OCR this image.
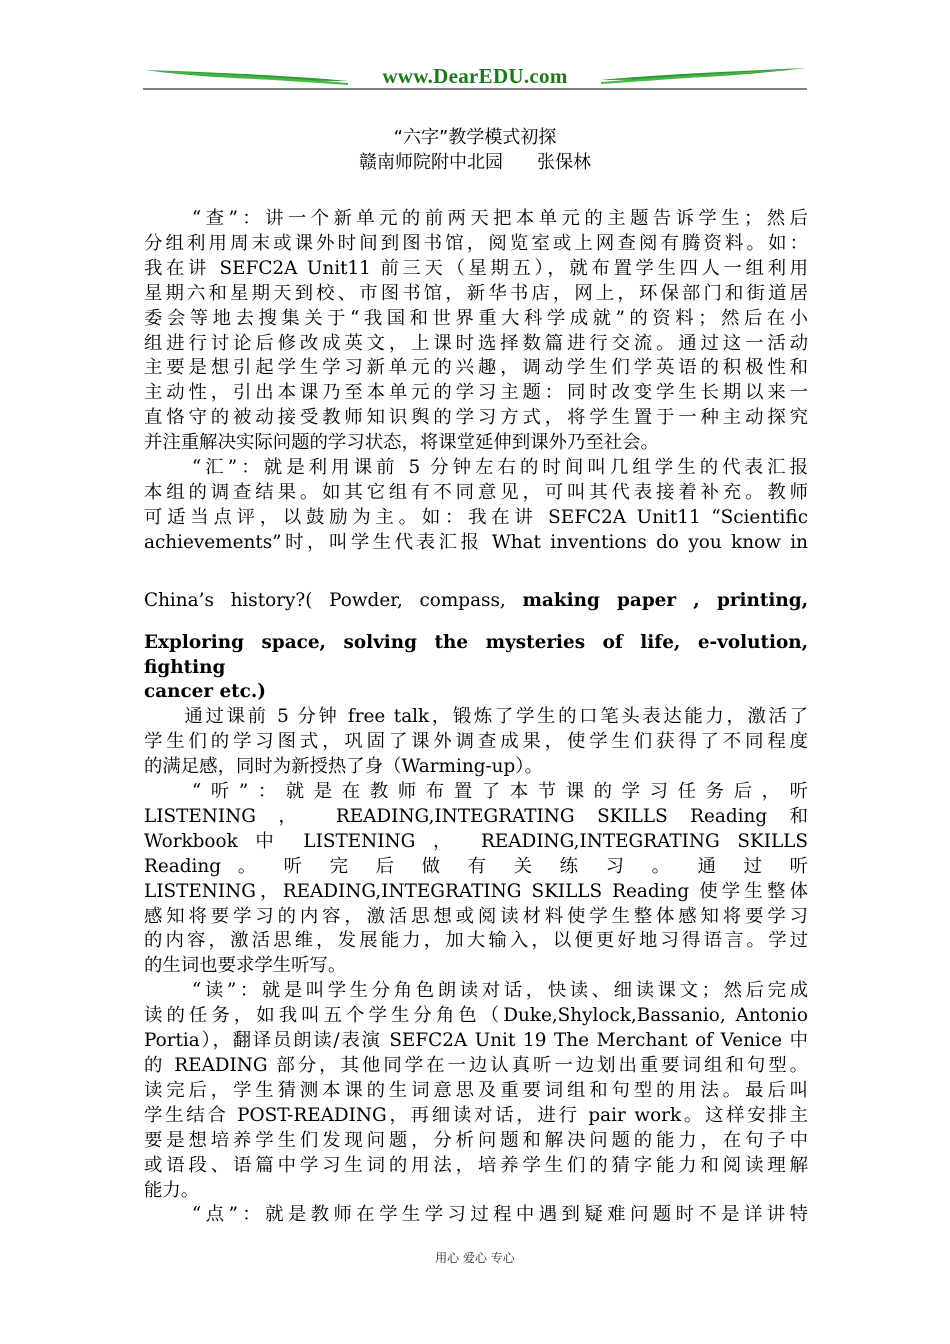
www.DearEDU.com
“六字”教学模式初探
赣南师院附中北园 张保林

“查”：讲一个新单元的前两天把本单元的主题告诉学生；然后

分组利用周末或课外时间到图书馆，阅览室或上网查阅有腾资料。如：

我在讲 SEFC2A Unit11 前三天（星期五），就布置学生四人一组利用

星期六和星期天到校、市图书馆，新华书店，网上，环保部门和街道居

委会等地去搜集关于“我国和世界重大科学成就”的资料；然后在小

组进行讨论后修改成英文，上课时选择数篇进行交流。通过这一活动

主要是想引起学生学习新单元的兴趣，调动学生们学英语的积极性和

主动性，引出本课乃至本单元的学习主题：同时改变学生长期以来一

直恪守的被动接受教师知识舆的学习方式，将学生置于一种主动探究

并注重解决实际问题的学习状态，将课堂延伸到课外乃至社会。

“汇”：就是利用课前 5 分钟左右的时间叫几组学生的代表汇报

本组的调查结果。如其它组有不同意见，可叫其代表接着补充。教师

可适当点评，以鼓励为主。如：我在讲 SEFC2A Unit11 “Scientific

achievements”时，叫学生代表汇报 What inventions do you know in

China’s history?( Powder, compass, making paper , printing,

Exploring space, solving the mysteries of life, e-volution, fighting

cancer etc.)

通过课前 5 分钟 free talk，锻炼了学生的口笔头表达能力，激活了

学生们的学习图式，巩固了课外调查成果，使学生们获得了不同程度

的满足感，同时为新授热了身（Warming-up）。

“听”：就是在教师布置了本节课的学习任务后，听

LISTENING ， READING,INTEGRATING SKILLS Reading 和

Workbook 中 LISTENING ， READING,INTEGRATING SKILLS

Reading 。 听 完 后 做 有 关 练 习 。 通 过 听

LISTENING，READING,INTEGRATING SKILLS Reading 使学生整体

感知将要学习的内容，激活思想或阅读材料使学生整体感知将要学习

的内容，激活思维，发展能力，加大输入，以便更好地习得语言。学过

的生词也要求学生听写。

“读”：就是叫学生分角色朗读对话，快读、细读课文；然后完成

读的任务，如我叫五个学生分角色（Duke,Shylock,Bassanio, Antonio

Portia），翻译员朗读/表演 SEFC2A Unit 19 The Merchant of Venice 中

的 READING 部分，其他同学在一边认真听一边划出重要词组和句型。

读完后，学生猜测本课的生词意思及重要词组和句型的用法。最后叫

学生结合 POST-READING，再细读对话，进行 pair work。这样安排主

要是想培养学生们发现问题，分析问题和解决问题的能力，在句子中

或语段、语篇中学习生词的用法，培养学生们的猜字能力和阅读理解

能力。

“点”：就是教师在学生学习过程中遇到疑难问题时不是详讲特

用心 爱心 专心
